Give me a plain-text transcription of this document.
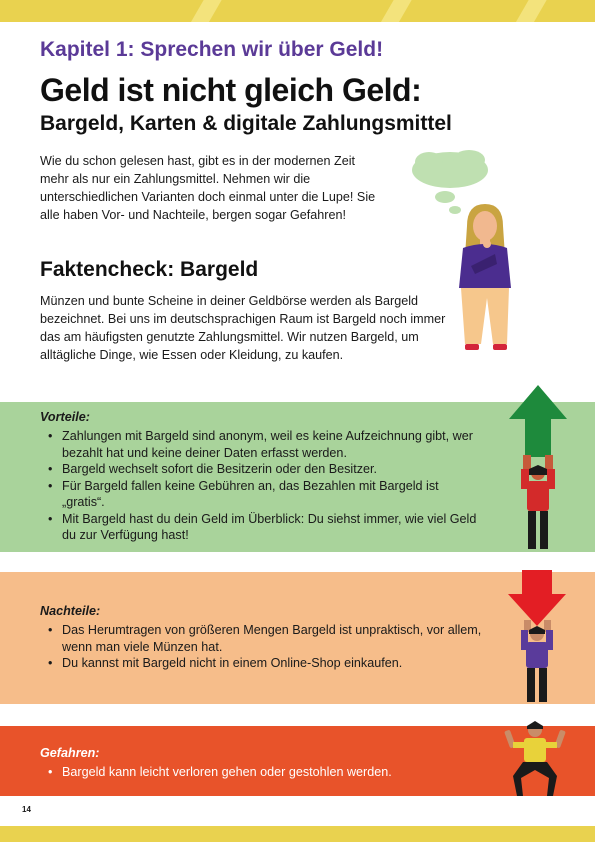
Kapitel 1: Sprechen wir über Geld!
Geld ist nicht gleich Geld:
Bargeld, Karten & digitale Zahlungsmittel

Wie du schon gelesen hast, gibt es in der modernen Zeit mehr als nur ein Zahlungsmittel. Nehmen wir die unterschiedlichen Varianten doch einmal unter die Lupe! Sie alle haben Vor- und Nachteile, bergen sogar Gefahren!

Faktencheck: Bargeld

Münzen und bunte Scheine in deiner Geldbörse werden als Bargeld bezeichnet. Bei uns im deutschsprachigen Raum ist Bargeld noch immer das am häufigsten genutzte Zahlungsmittel. Wir nutzen Bargeld, um alltägliche Dinge, wie Essen oder Kleidung, zu kaufen.

Vorteile:
• Zahlungen mit Bargeld sind anonym, weil es keine Aufzeichnung gibt, wer bezahlt hat und keine deiner Daten erfasst werden.
• Bargeld wechselt sofort die Besitzerin oder den Besitzer.
• Für Bargeld fallen keine Gebühren an, das Bezahlen mit Bargeld ist „gratis“.
• Mit Bargeld hast du dein Geld im Überblick: Du siehst immer, wie viel Geld du zur Verfügung hast!
Nachteile:
• Das Herumtragen von größeren Mengen Bargeld ist unpraktisch, vor allem, wenn man viele Münzen hat.
• Du kannst mit Bargeld nicht in einem Online-Shop einkaufen.
Gefahren:
• Bargeld kann leicht verloren gehen oder gestohlen werden.
14
